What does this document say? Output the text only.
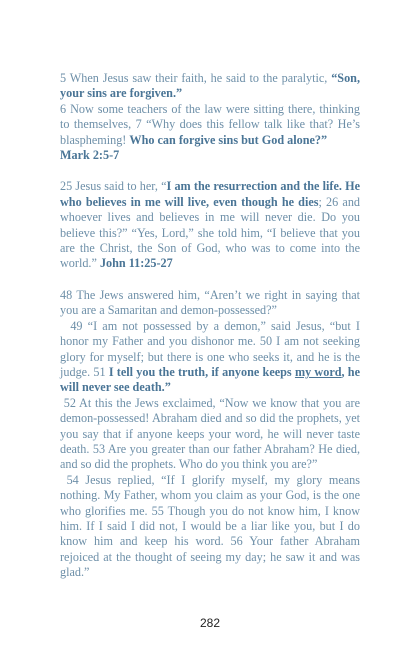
5 When Jesus saw their faith, he said to the paralytic, “Son, your sins are forgiven.”
6 Now some teachers of the law were sitting there, thinking to themselves, 7 “Why does this fellow talk like that? He’s blaspheming! Who can forgive sins but God alone?”
Mark 2:5-7

25 Jesus said to her, “I am the resurrection and the life. He who believes in me will live, even though he dies; 26 and whoever lives and believes in me will never die. Do you believe this?” “Yes, Lord,” she told him, “I believe that you are the Christ, the Son of God, who was to come into the world.” John 11:25-27

48 The Jews answered him, “Aren’t we right in saying that you are a Samaritan and demon-possessed?”
49 “I am not possessed by a demon,” said Jesus, “but I honor my Father and you dishonor me. 50 I am not seeking glory for myself; but there is one who seeks it, and he is the judge. 51 I tell you the truth, if anyone keeps my word, he will never see death.”
52 At this the Jews exclaimed, “Now we know that you are demon-possessed! Abraham died and so did the prophets, yet you say that if anyone keeps your word, he will never taste death. 53 Are you greater than our father Abraham? He died, and so did the prophets. Who do you think you are?”
54 Jesus replied, “If I glorify myself, my glory means nothing. My Father, whom you claim as your God, is the one who glorifies me. 55 Though you do not know him, I know him. If I said I did not, I would be a liar like you, but I do know him and keep his word. 56 Your father Abraham rejoiced at the thought of seeing my day; he saw it and was glad.”

282
